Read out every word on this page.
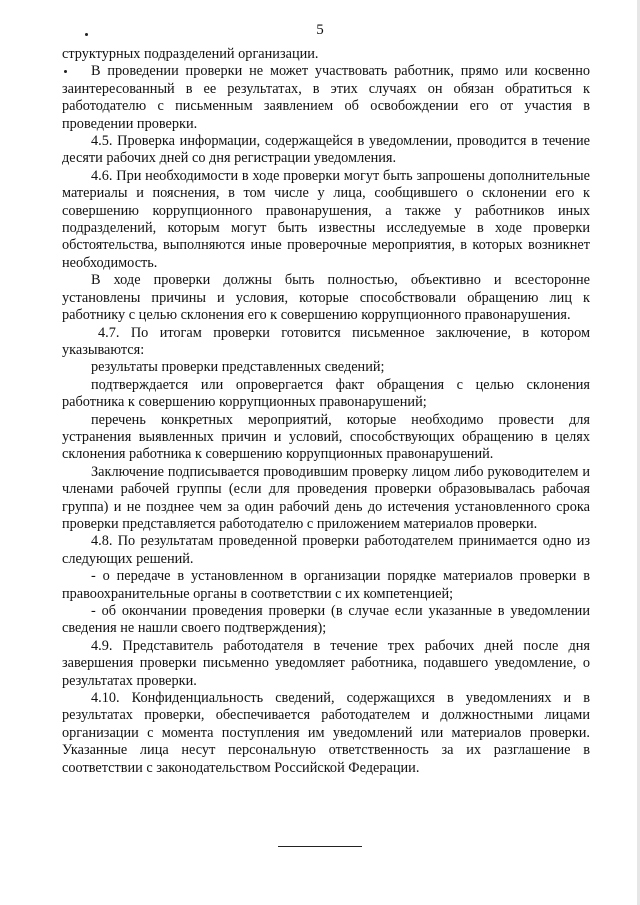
5

структурных подразделений организации.

В проведении проверки не может участвовать работник, прямо или косвенно заинтересованный в ее результатах, в этих случаях он обязан обратиться к работодателю с письменным заявлением об освобождении его от участия в проведении проверки.

4.5. Проверка информации, содержащейся в уведомлении, проводится в течение десяти рабочих дней со дня регистрации уведомления.

4.6. При необходимости в ходе проверки могут быть запрошены дополнительные материалы и пояснения, в том числе у лица, сообщившего о склонении его к совершению коррупционного правонарушения, а также у работников иных подразделений, которым могут быть известны исследуемые в ходе проверки обстоятельства, выполняются иные проверочные мероприятия, в которых возникнет необходимость.

В ходе проверки должны быть полностью, объективно и всесторонне установлены причины и условия, которые способствовали обращению лиц к работнику с целью склонения его к совершению коррупционного правонарушения.

4.7. По итогам проверки готовится письменное заключение, в котором указываются:

результаты проверки представленных сведений;

подтверждается или опровергается факт обращения с целью склонения работника к совершению коррупционных правонарушений;

перечень конкретных мероприятий, которые необходимо провести для устранения выявленных причин и условий, способствующих обращению в целях склонения работника к совершению коррупционных правонарушений.

Заключение подписывается проводившим проверку лицом либо руководителем и членами рабочей группы (если для проведения проверки образовывалась рабочая группа) и не позднее чем за один рабочий день до истечения установленного срока проверки представляется работодателю с приложением материалов проверки.

4.8. По результатам проведенной проверки работодателем принимается одно из следующих решений.

- о передаче в установленном в организации порядке материалов проверки в правоохранительные органы в соответствии с их компетенцией;

- об окончании проведения проверки (в случае если указанные в уведомлении сведения не нашли своего подтверждения);

4.9. Представитель работодателя в течение трех рабочих дней после дня завершения проверки письменно уведомляет работника, подавшего уведомление, о результатах проверки.

4.10. Конфиденциальность сведений, содержащихся в уведомлениях и в результатах проверки, обеспечивается работодателем и должностными лицами организации с момента поступления им уведомлений или материалов проверки. Указанные лица несут персональную ответственность за их разглашение в соответствии с законодательством Российской Федерации.
